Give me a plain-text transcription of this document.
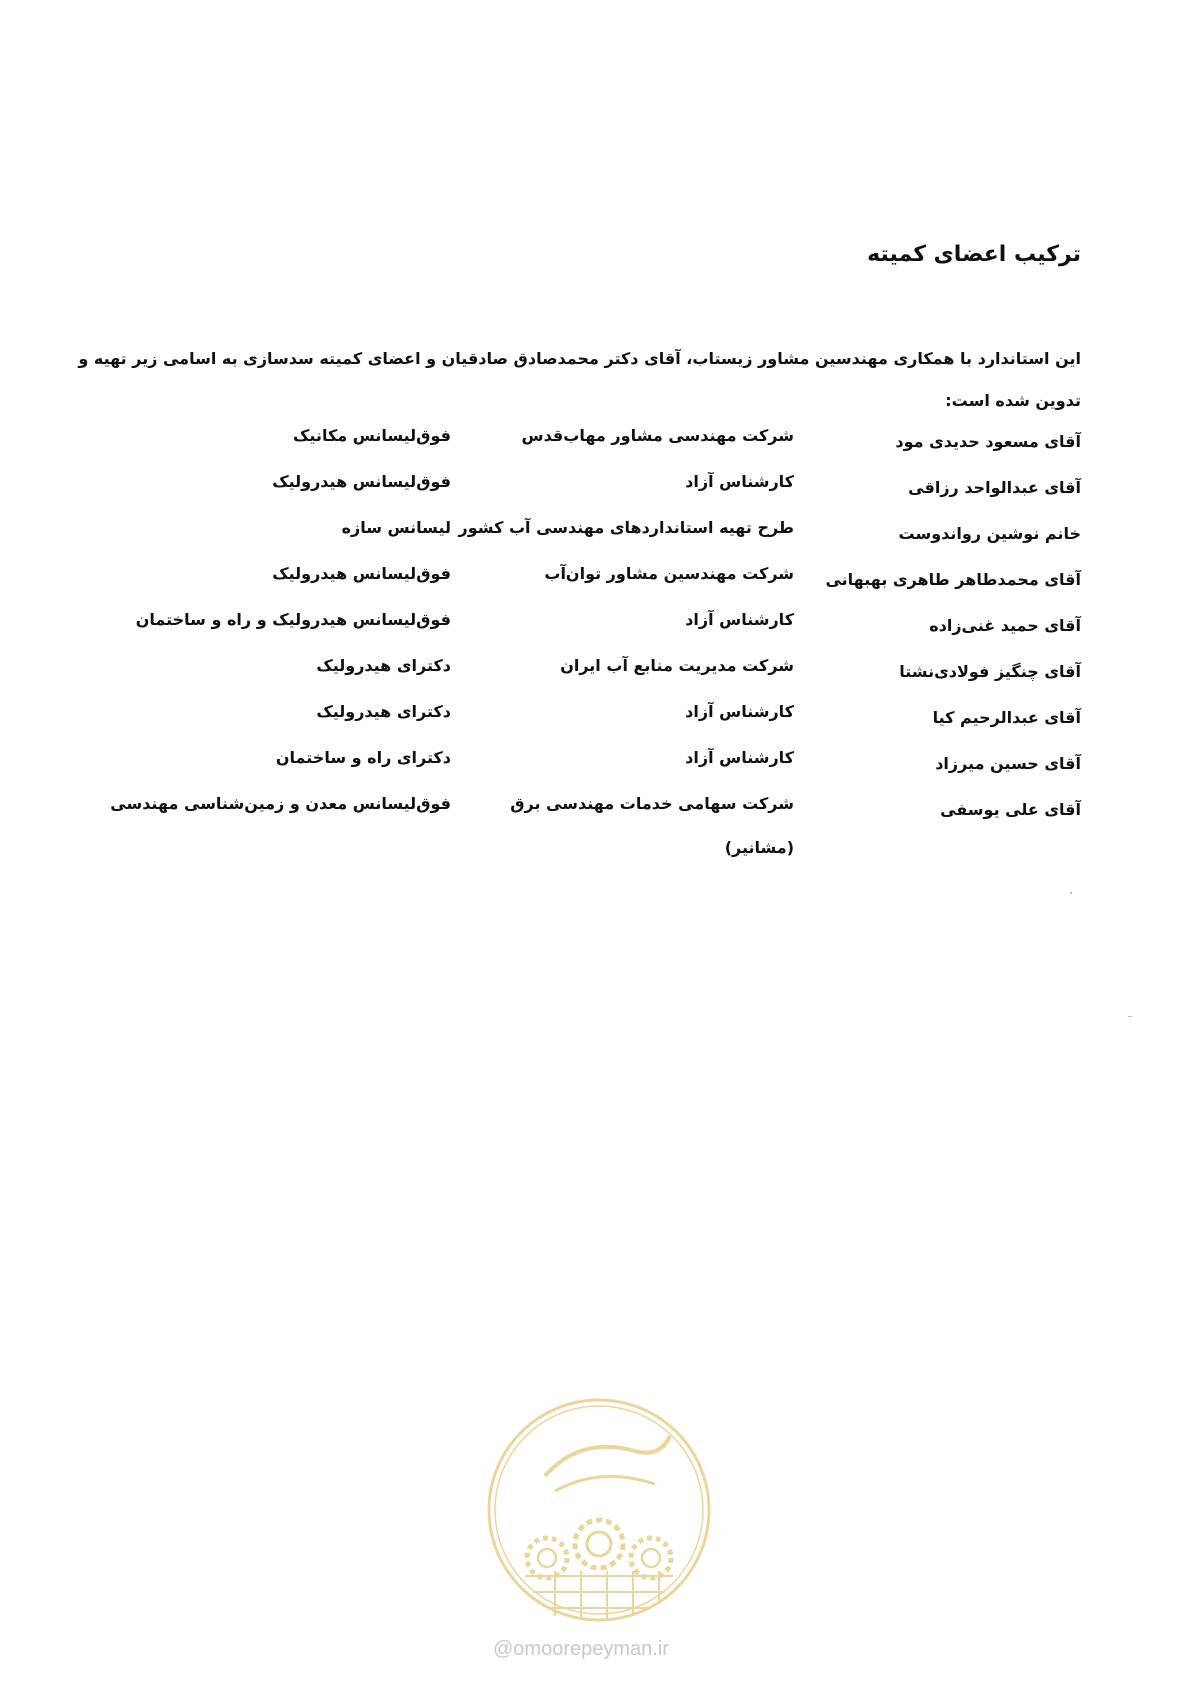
ترکیب اعضای کمیته
این استاندارد با همکاری مهندسین مشاور زیستاب، آقای دکتر محمدصادق صادقیان و اعضای کمیته سدسازی به اسامی زیر تهیه و
تدوین شده است:
آقای مسعود حدیدی مود
شرکت مهندسی مشاور مهاب‌قدس
فوق‌لیسانس مکانیک
آقای عبدالواحد رزاقی
کارشناس آزاد
فوق‌لیسانس هیدرولیک
خانم نوشین رواندوست
طرح تهیه استانداردهای مهندسی آب کشور
لیسانس سازه
آقای محمدطاهر طاهری بهبهانی
شرکت مهندسین مشاور توان‌آب
فوق‌لیسانس هیدرولیک
آقای حمید غنی‌زاده
کارشناس آزاد
فوق‌لیسانس هیدرولیک و راه و ساختمان
آقای چنگیز فولادی‌نشتا
شرکت مدیریت منابع آب ایران
دکترای هیدرولیک
آقای عبدالرحیم کیا
کارشناس آزاد
دکترای هیدرولیک
آقای حسین میرزاد
کارشناس آزاد
دکترای راه و ساختمان
آقای علی یوسفی
شرکت سهامی خدمات مهندسی برق
فوق‌لیسانس معدن و زمین‌شناسی مهندسی
(مشانیر)
@omoorepeyman.ir
